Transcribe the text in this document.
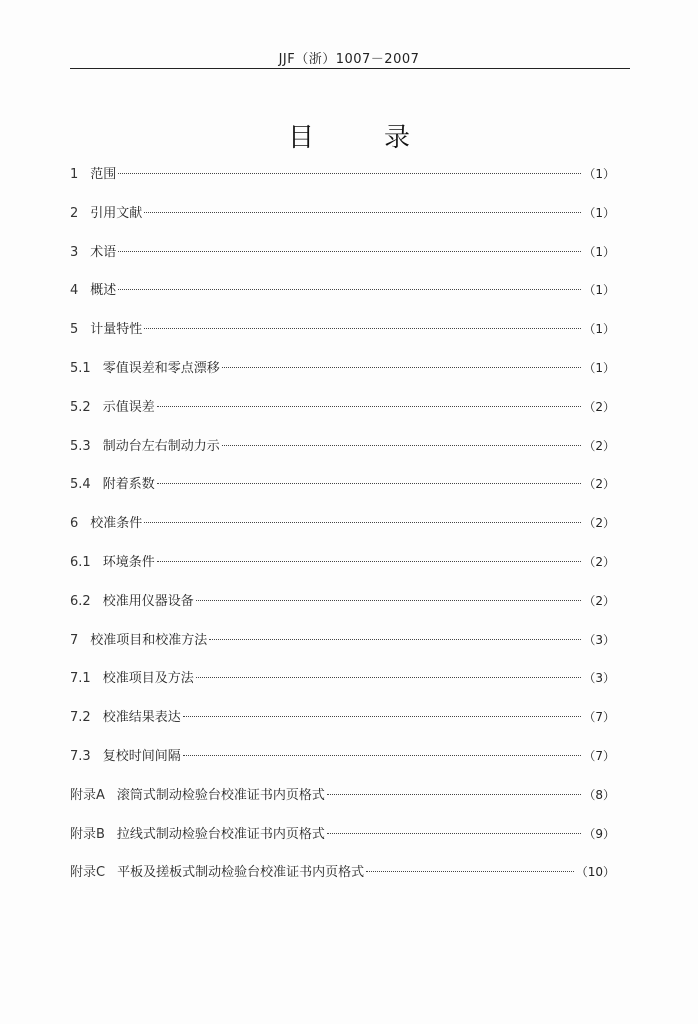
JJF（浙）1007－2007
目	录
1 范围	（1）
2 引用文献	（1）
3 术语	（1）
4 概述	（1）
5 计量特性	（1）
5.1 零值误差和零点漂移	（1）
5.2 示值误差	（2）
5.3 制动台左右制动力示	（2）
5.4 附着系数	（2）
6 校准条件	（2）
6.1 环境条件	（2）
6.2 校准用仪器设备	（2）
7 校准项目和校准方法	（3）
7.1 校准项目及方法	（3）
7.2 校准结果表达	（7）
7.3 复校时间间隔	（7）
附录A 滚筒式制动检验台校准证书内页格式	（8）
附录B 拉线式制动检验台校准证书内页格式	（9）
附录C 平板及搓板式制动检验台校准证书内页格式	（10）
